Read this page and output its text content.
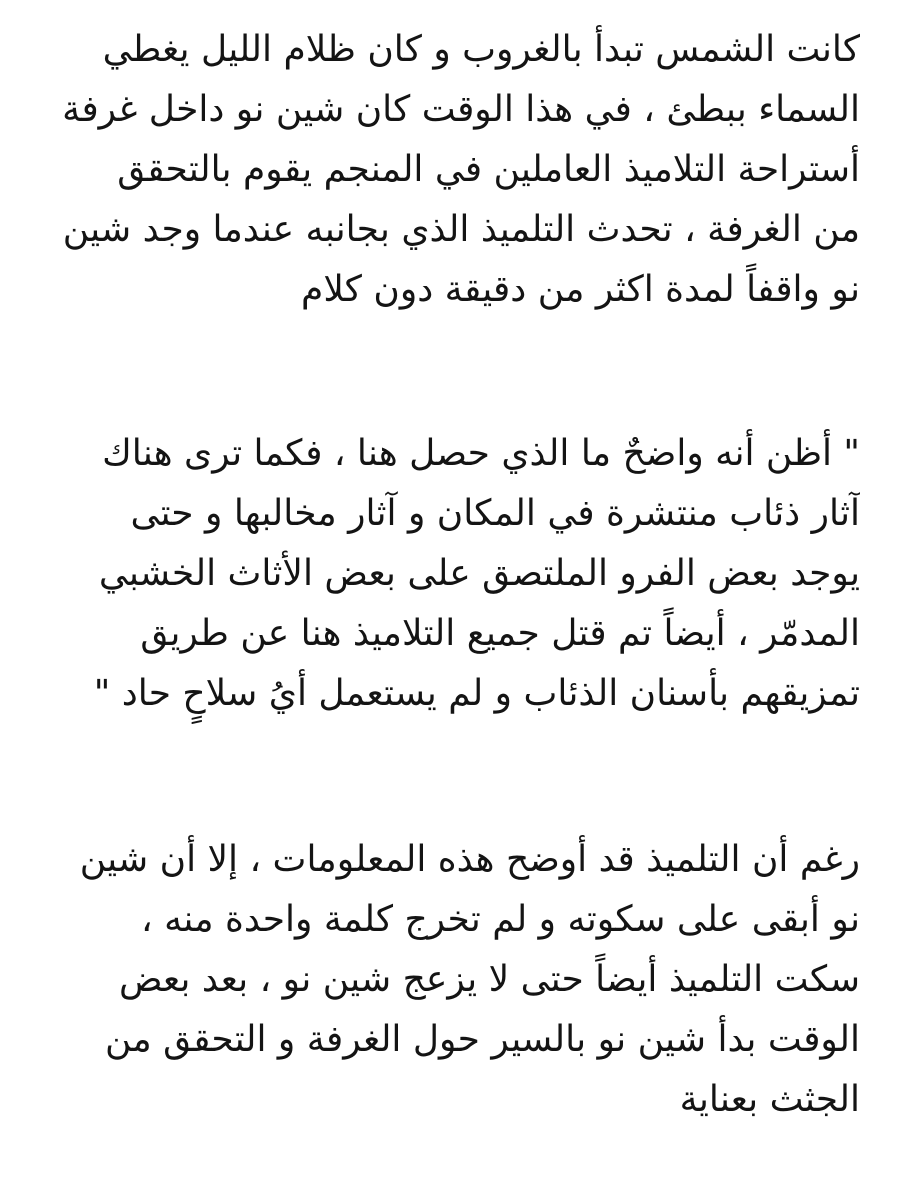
كانت الشمس تبدأ بالغروب و كان ظلام الليل يغطي
السماء ببطئ ، في هذا الوقت كان شين نو داخل غرفة
أستراحة التلاميذ العاملين في المنجم يقوم بالتحقق
من الغرفة ، تحدث التلميذ الذي بجانبه عندما وجد شين
نو واقفاً لمدة اكثر من دقيقة دون كلام

" أظن أنه واضحٌ ما الذي حصل هنا ، فكما ترى هناك
آثار ذئاب منتشرة في المكان و آثار مخالبها و حتى
يوجد بعض الفرو الملتصق على بعض الأثاث الخشبي
المدمّر ، أيضاً تم قتل جميع التلاميذ هنا عن طريق
تمزيقهم بأسنان الذئاب و لم يستعمل أيُ سلاحٍ حاد "

رغم أن التلميذ قد أوضح هذه المعلومات ، إلا أن شين
نو أبقى على سكوته و لم تخرج كلمة واحدة منه ،
سكت التلميذ أيضاً حتى لا يزعج شين نو ، بعد بعض
الوقت بدأ شين نو بالسير حول الغرفة و التحقق من
الجثث بعناية
